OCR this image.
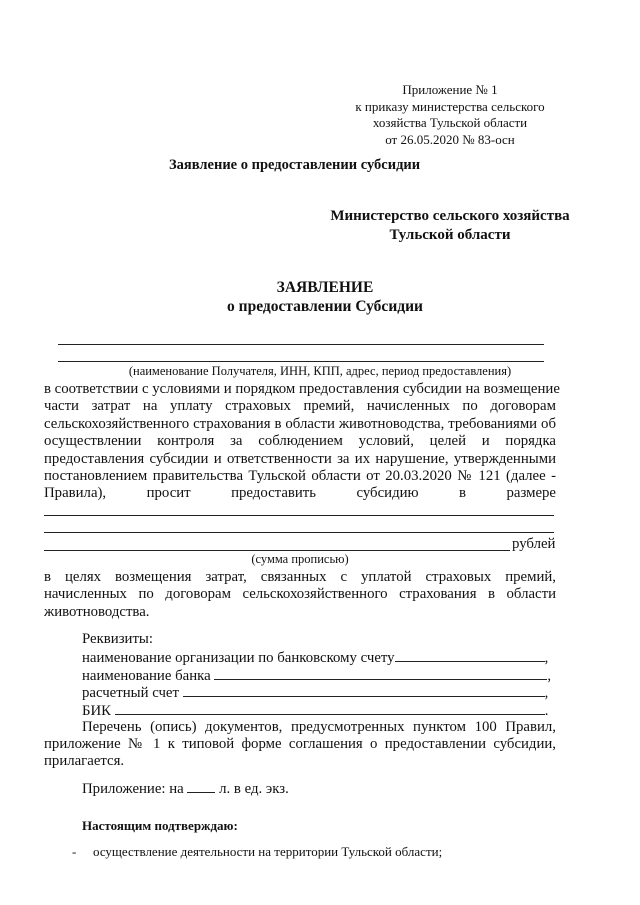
Приложение № 1
к приказу министерства сельского
хозяйства Тульской области
от 26.05.2020 № 83-осн
Заявление о предоставлении субсидии
Министерство сельского хозяйства
Тульской области
ЗАЯВЛЕНИЕ
о предоставлении Субсидии
(наименование Получателя, ИНН, КПП, адрес, период предоставления)
в соответствии с условиями и порядком предоставления субсидии на возмещение
части затрат на уплату страховых премий, начисленных по договорам
сельскохозяйственного страхования в области животноводства, требованиями об
осуществлении контроля за соблюдением условий, целей и порядка
предоставления субсидии и ответственности за их нарушение, утвержденными
постановлением правительства Тульской области от 20.03.2020 № 121 (далее -
Правила), просит предоставить субсидию в размере
рублей
(сумма прописью)
в целях возмещения затрат, связанных с уплатой страховых премий,
начисленных по договорам сельскохозяйственного страхования в области
животноводства.
Реквизиты:
наименование организации по банковскому счету	,
наименование банка	,
расчетный счет	,
БИК	.
Перечень (опись) документов, предусмотренных пунктом 100 Правил,
приложение № 1 к типовой форме соглашения о предоставлении субсидии,
прилагается.
Приложение: на л. в ед. экз.
Настоящим подтверждаю:
- осуществление деятельности на территории Тульской области;
